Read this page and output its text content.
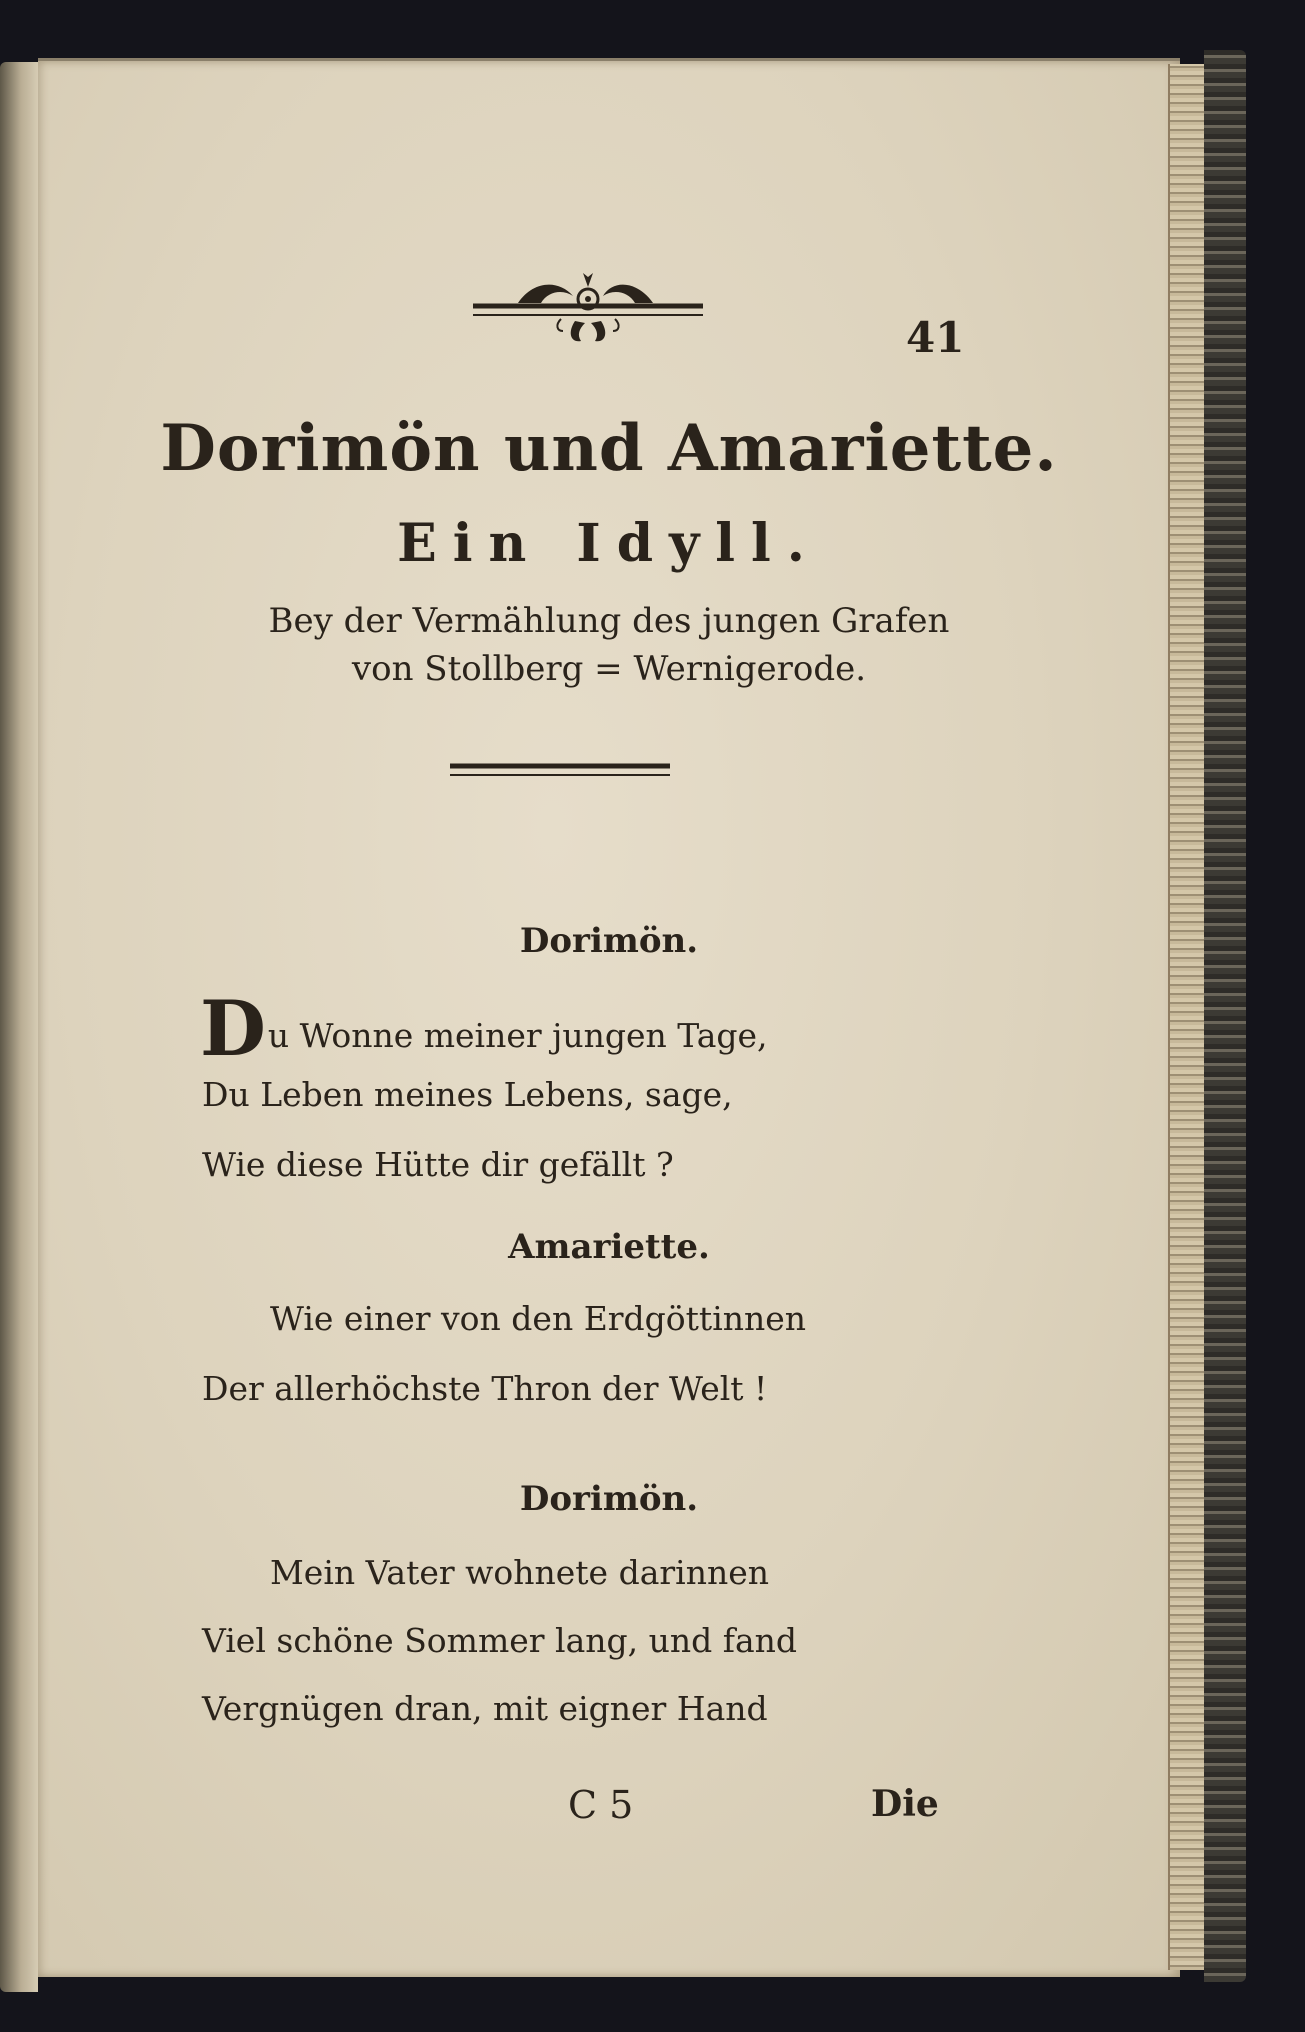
41

Dorimön und Amariette.
Ein Idyll.

Bey der Vermählung des jungen Grafen
von Stollberg = Wernigerode.

Dorimön.

Du Wonne meiner jungen Tage,

Du Leben meines Lebens, sage,

Wie diese Hütte dir gefällt ?

Amariette.

Wie einer von den Erdgöttinnen

Der allerhöchste Thron der Welt !

Dorimön.

Mein Vater wohnete darinnen

Viel schöne Sommer lang, und fand

Vergnügen dran, mit eigner Hand

C 5	Die
